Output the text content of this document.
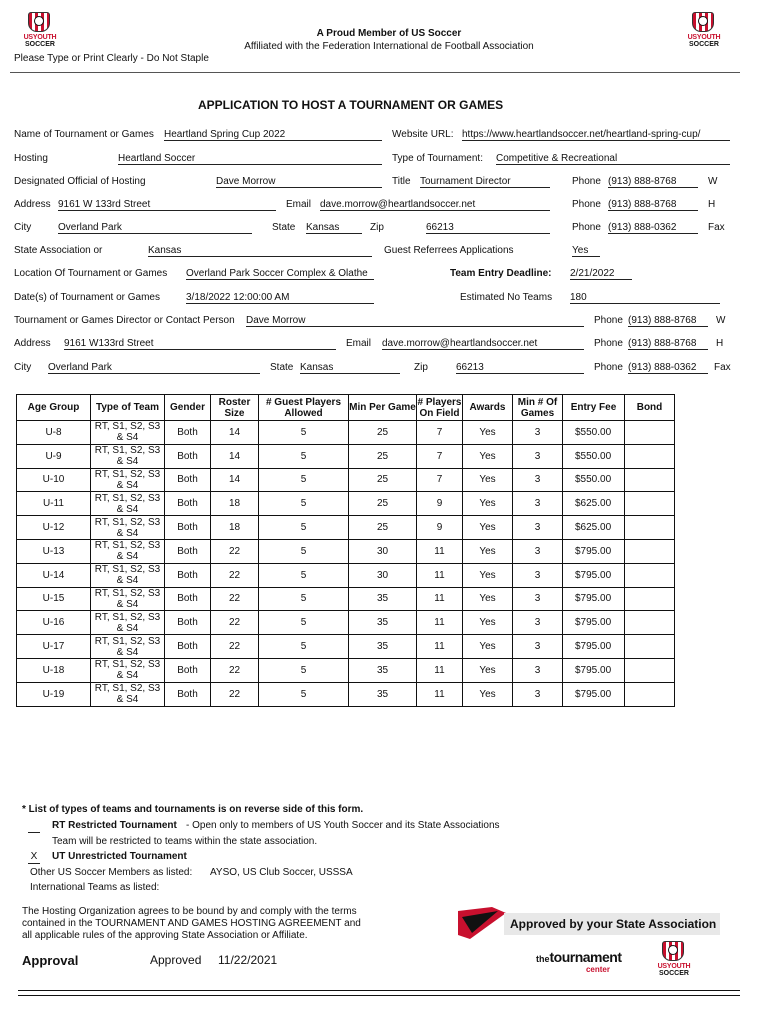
USYOUTH
SOCCER
USYOUTH
SOCCER
A Proud Member of US Soccer
Affiliated with the Federation International de Football Association
Please Type or Print Clearly - Do Not Staple
APPLICATION TO HOST A TOURNAMENT OR GAMES
Name of Tournament or Games Heartland Spring Cup 2022	Website URL: https://www.heartlandsoccer.net/heartland-spring-cup/
Hosting	Heartland Soccer	Type of Tournament: Competitive & Recreational
Designated Official of Hosting	Dave Morrow	Title Tournament Director	Phone (913) 888-8768	W
Address 9161 W 133rd Street	Email dave.morrow@heartlandsoccer.net	Phone (913) 888-8768	H
City	Overland Park	State Kansas	Zip	66213	Phone (913) 888-0362	Fax
State Association or	Kansas	Guest Referrees Applications	Yes
Location Of Tournament or Games Overland Park Soccer Complex & Olathe	Team Entry Deadline: 2/21/2022
Date(s) of Tournament or Games	3/18/2022 12:00:00 AM	Estimated No Teams 180
Tournament or Games Director or Contact Person Dave Morrow	Phone (913) 888-8768	W
Address 9161 W133rd Street	Email dave.morrow@heartlandsoccer.net	Phone (913) 888-8768	H
City Overland Park	State Kansas	Zip	66213	Phone (913) 888-0362	Fax
Age Group	Type of Team	Gender	Roster Size	# Guest Players Allowed	Min Per Game	# Players On Field	Awards	Min # Of Games	Entry Fee	Bond
U-8	RT, S1, S2, S3 & S4	Both	14	5	25	7	Yes	3	$550.00	
U-9	RT, S1, S2, S3 & S4	Both	14	5	25	7	Yes	3	$550.00	
U-10	RT, S1, S2, S3 & S4	Both	14	5	25	7	Yes	3	$550.00	
U-11	RT, S1, S2, S3 & S4	Both	18	5	25	9	Yes	3	$625.00	
U-12	RT, S1, S2, S3 & S4	Both	18	5	25	9	Yes	3	$625.00	
U-13	RT, S1, S2, S3 & S4	Both	22	5	30	11	Yes	3	$795.00	
U-14	RT, S1, S2, S3 & S4	Both	22	5	30	11	Yes	3	$795.00	
U-15	RT, S1, S2, S3 & S4	Both	22	5	35	11	Yes	3	$795.00	
U-16	RT, S1, S2, S3 & S4	Both	22	5	35	11	Yes	3	$795.00	
U-17	RT, S1, S2, S3 & S4	Both	22	5	35	11	Yes	3	$795.00	
U-18	RT, S1, S2, S3 & S4	Both	22	5	35	11	Yes	3	$795.00	
U-19	RT, S1, S2, S3 & S4	Both	22	5	35	11	Yes	3	$795.00	
* List of types of teams and tournaments is on reverse side of this form.
RT Restricted Tournament - Open only to members of US Youth Soccer and its State Associations
Team will be restricted to teams within the state association.
X UT Unrestricted Tournament
Other US Soccer Members as listed: AYSO, US Club Soccer, USSSA
International Teams as listed:
The Hosting Organization agrees to be bound by and comply with the terms
contained in the TOURNAMENT AND GAMES HOSTING AGREEMENT and
all applicable rules of the approving State Association or Affiliate.
Approval	Approved 11/22/2021
Approved by your State Association
thetournament
center	USYOUTH
SOCCER
